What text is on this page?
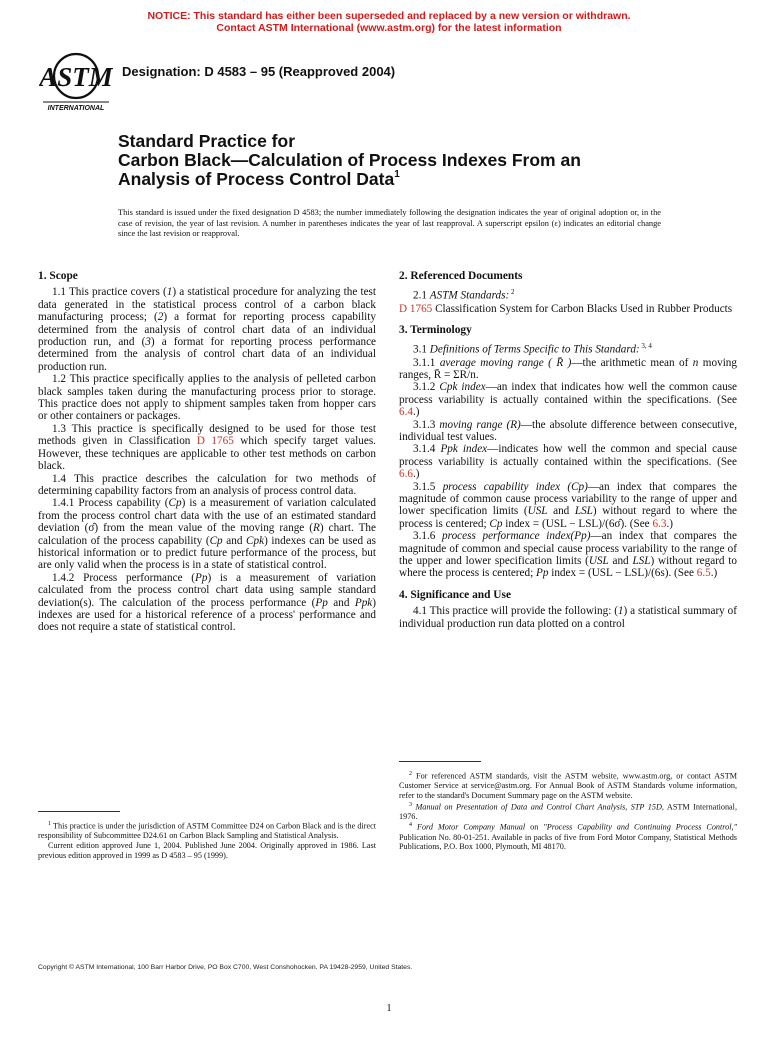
NOTICE: This standard has either been superseded and replaced by a new version or withdrawn.
Contact ASTM International (www.astm.org) for the latest information
ASTM
INTERNATIONAL
Designation: D 4583 – 95 (Reapproved 2004)
Standard Practice for
Carbon Black—Calculation of Process Indexes From an
Analysis of Process Control Data$^1$
This standard is issued under the fixed designation D 4583; the number immediately following the designation indicates the year of original adoption or, in the case of revision, the year of last revision. A number in parentheses indicates the year of last reapproval. A superscript epsilon (ε) indicates an editorial change since the last revision or reapproval.
1. Scope

1.1 This practice covers (1) a statistical procedure for analyzing the test data generated in the statistical process control of a carbon black manufacturing process; (2) a format for reporting process capability determined from the analysis of control chart data of an individual production run, and (3) a format for reporting process performance determined from the analysis of control chart data of an individual production run.

1.2 This practice specifically applies to the analysis of pelleted carbon black samples taken during the manufacturing process prior to storage. This practice does not apply to shipment samples taken from hopper cars or other containers or packages.

1.3 This practice is specifically designed to be used for those test methods given in Classification D 1765 which specify target values. However, these techniques are applicable to other test methods on carbon black.

1.4 This practice describes the calculation for two methods of determining capability factors from an analysis of process control data.

1.4.1 Process capability (Cp) is a measurement of variation calculated from the process control chart data with the use of an estimated standard deviation (σ̂) from the mean value of the moving range (R) chart. The calculation of the process capability (Cp and Cpk) indexes can be used as historical information or to predict future performance of the process, but are only valid when the process is in a state of statistical control.

1.4.2 Process performance (Pp) is a measurement of variation calculated from the process control chart data using sample standard deviation(s). The calculation of the process performance (Pp and Ppk) indexes are used for a historical reference of a process' performance and does not require a state of statistical control.

$^1$ This practice is under the jurisdiction of ASTM Committee D24 on Carbon Black and is the direct responsibility of Subcommittee D24.61 on Carbon Black Sampling and Statistical Analysis.

Current edition approved June 1, 2004. Published June 2004. Originally approved in 1986. Last previous edition approved in 1999 as D 4583 – 95 (1999).

2. Referenced Documents

2.1 ASTM Standards: $^2$

D 1765 Classification System for Carbon Blacks Used in Rubber Products

3. Terminology

3.1 Definitions of Terms Specific to This Standard: $^{3, 4}$

3.1.1 average moving range ( R̄ )—the arithmetic mean of n moving ranges, R̄ = ΣR/n.

3.1.2 Cpk index—an index that indicates how well the common cause process variability is actually contained within the specifications. (See 6.4.)

3.1.3 moving range (R)—the absolute difference between consecutive, individual test values.

3.1.4 Ppk index—indicates how well the common and special cause process variability is actually contained within the specifications. (See 6.6.)

3.1.5 process capability index (Cp)—an index that compares the magnitude of common cause process variability to the range of upper and lower specification limits (USL and LSL) without regard to where the process is centered; Cp index = (USL − LSL)/(6σ̂). (See 6.3.)

3.1.6 process performance index(Pp)—an index that compares the magnitude of common and special cause process variability to the range of the upper and lower specification limits (USL and LSL) without regard to where the process is centered; Pp index = (USL − LSL)/(6s). (See 6.5.)

4. Significance and Use

4.1 This practice will provide the following: (1) a statistical summary of individual production run data plotted on a control

$^2$ For referenced ASTM standards, visit the ASTM website, www.astm.org, or contact ASTM Customer Service at service@astm.org. For Annual Book of ASTM Standards volume information, refer to the standard's Document Summary page on the ASTM website.

$^3$ Manual on Presentation of Data and Control Chart Analysis, STP 15D, ASTM International, 1976.

$^4$ Ford Motor Company Manual on "Process Capability and Continuing Process Control," Publication No. 80-01-251. Available in packs of five from Ford Motor Company, Statistical Methods Publications, P.O. Box 1000, Plymouth, MI 48170.

Copyright © ASTM International, 100 Barr Harbor Drive, PO Box C700, West Conshohocken, PA 19428-2959, United States.
1
